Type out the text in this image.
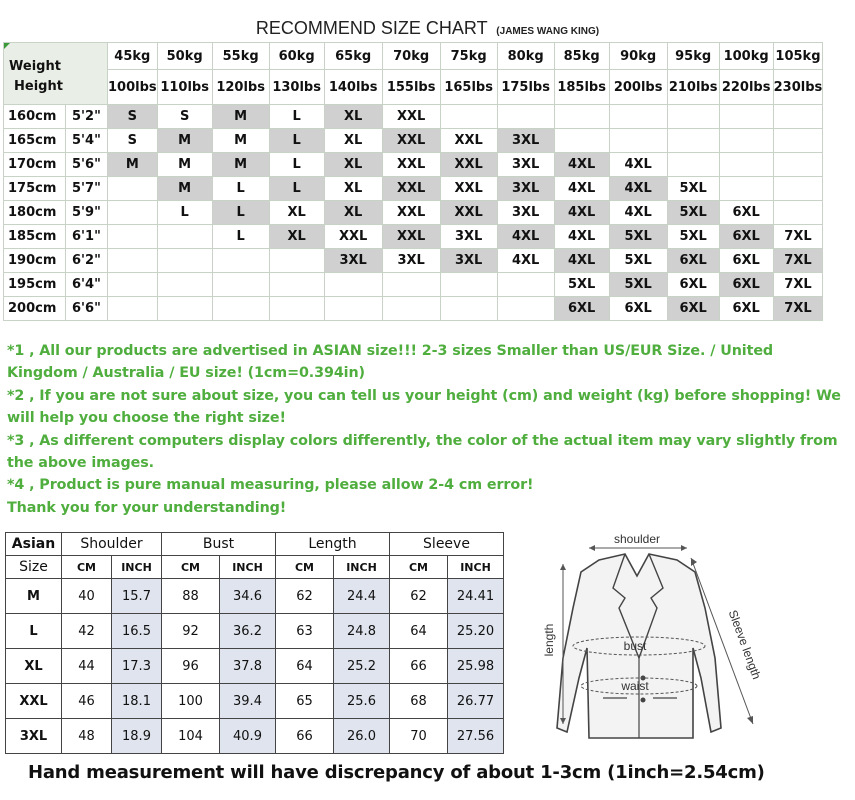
RECOMMEND SIZE CHART (JAMES WANG KING)
Weight
Height		45kg	50kg	55kg	60kg	65kg	70kg	75kg	80kg	85kg	90kg	95kg	100kg	105kg
		100lbs	110lbs	120lbs	130lbs	140lbs	155lbs	165lbs	175lbs	185lbs	200lbs	210lbs	220lbs	230lbs
160cm	5'2"	S	S	M	L	XL	XXL							
165cm	5'4"	S	M	M	L	XL	XXL	XXL	3XL					
170cm	5'6"	M	M	M	L	XL	XXL	XXL	3XL	4XL	4XL			
175cm	5'7"		M	L	L	XL	XXL	XXL	3XL	4XL	4XL	5XL		
180cm	5'9"		L	L	XL	XL	XXL	XXL	3XL	4XL	4XL	5XL	6XL	
185cm	6'1"			L	XL	XXL	XXL	3XL	4XL	4XL	5XL	5XL	6XL	7XL
190cm	6'2"					3XL	3XL	3XL	4XL	4XL	5XL	6XL	6XL	7XL
195cm	6'4"									5XL	5XL	6XL	6XL	7XL
200cm	6'6"									6XL	6XL	6XL	6XL	7XL

*1 , All our products are advertised in ASIAN size!!! 2-3 sizes Smaller than US/EUR Size. / United Kingdom / Australia / EU size! (1cm=0.394in)

*2 , If you are not sure about size, you can tell us your height (cm) and weight (kg) before shopping! We will help you choose the right size!

*3 , As different computers display colors differently, the color of the actual item may vary slightly from the above images.

*4 , Product is pure manual measuring, please allow 2-4 cm error!

Thank you for your understanding!

Asian	Shoulder		Bust		Length		Sleeve	
Size	CM	INCH	CM	INCH	CM	INCH	CM	INCH
M	40	15.7	88	34.6	62	24.4	62	24.41
L	42	16.5	92	36.2	63	24.8	64	25.20
XL	44	17.3	96	37.8	64	25.2	66	25.98
XXL	46	18.1	100	39.4	65	25.6	68	26.77
3XL	48	18.9	104	40.9	66	26.0	70	27.56
shoulder
length	bust
waist
Sleeve length
Hand measurement will have discrepancy of about 1-3cm (1inch=2.54cm)
